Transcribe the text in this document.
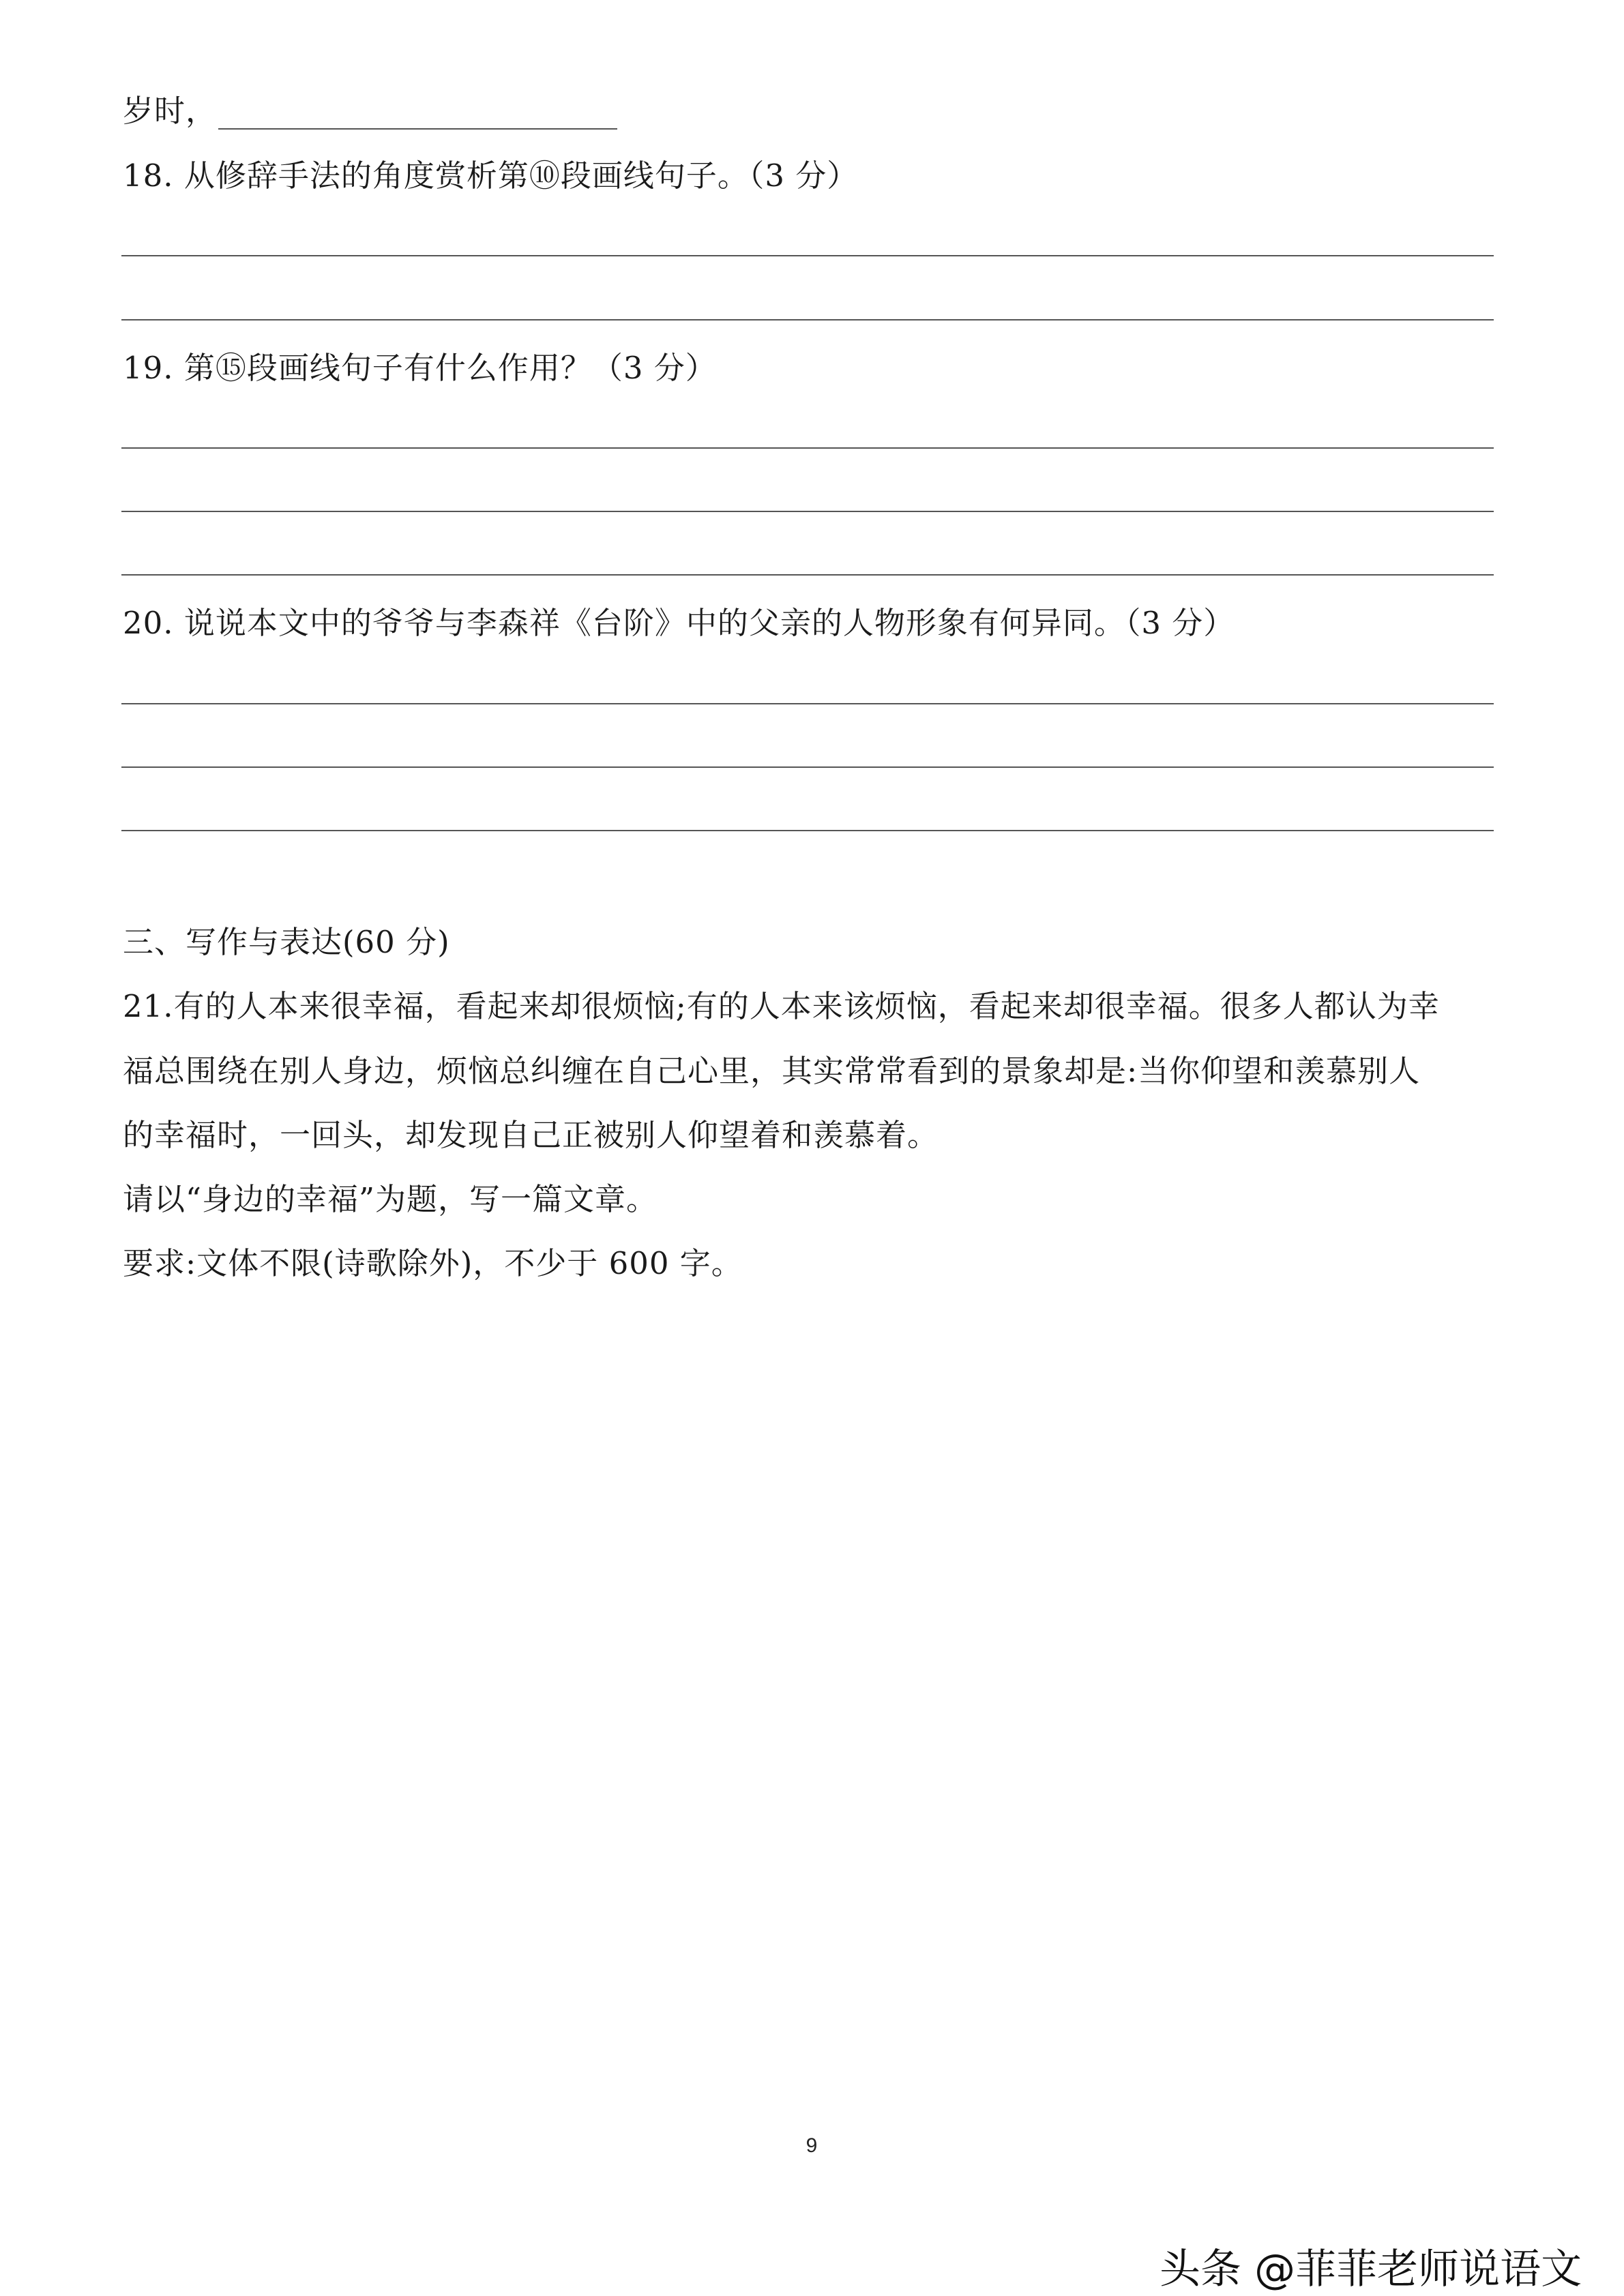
岁时，
18. 从修辞手法的角度赏析第⑩段画线句子。（3 分）
19. 第⑮段画线句子有什么作用？（3 分）
20. 说说本文中的爷爷与李森祥《台阶》中的父亲的人物形象有何异同。（3 分）
三、写作与表达(60 分)
21.有的人本来很幸福，看起来却很烦恼;有的人本来该烦恼，看起来却很幸福。很多人都认为幸
福总围绕在别人身边，烦恼总纠缠在自己心里，其实常常看到的景象却是:当你仰望和羡慕别人
的幸福时，一回头，却发现自己正被别人仰望着和羡慕着。
请以“身边的幸福”为题，写一篇文章。
要求:文体不限(诗歌除外)，不少于 600 字。
9
头条 @菲菲老师说语文
